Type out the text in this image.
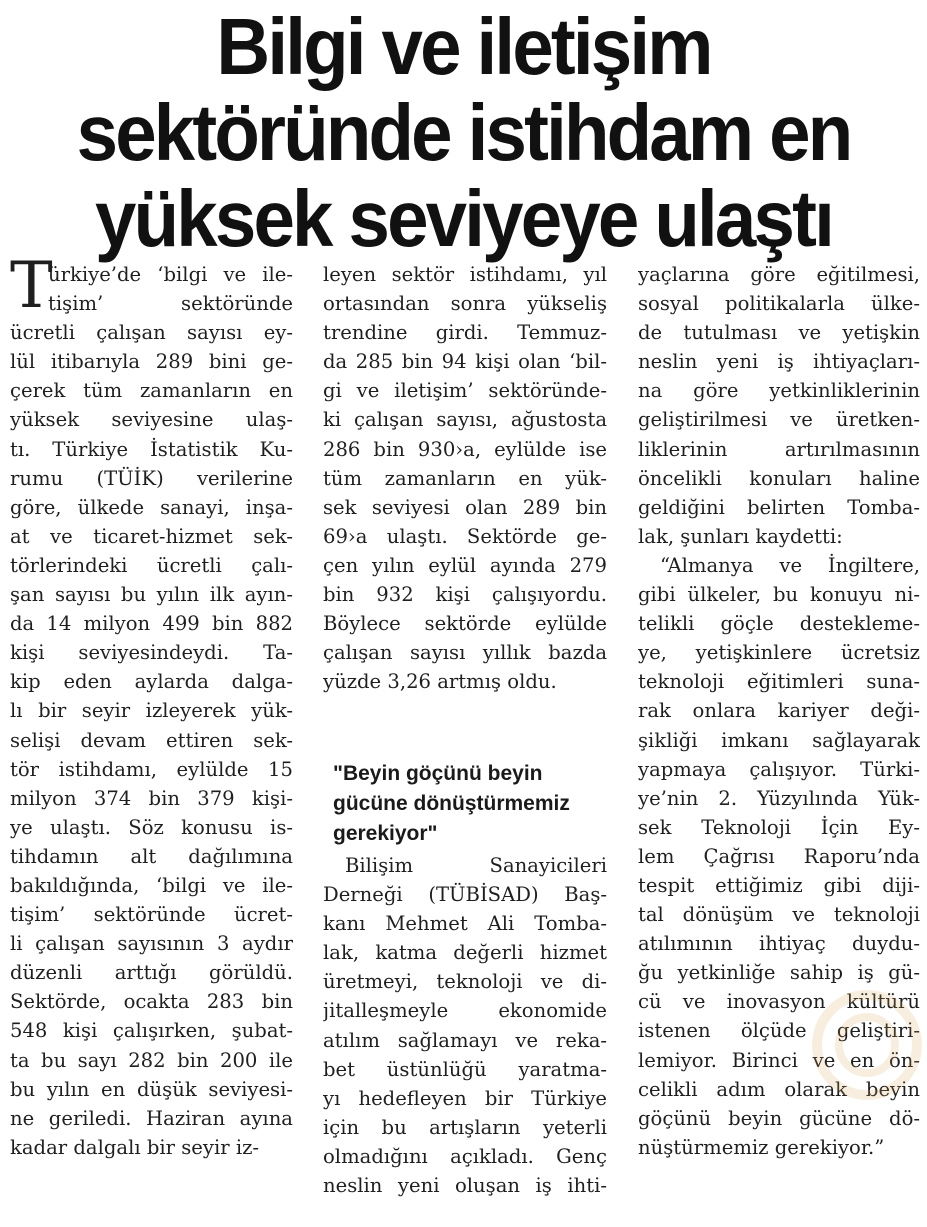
Bilgi ve iletişim
sektöründe istihdam en
yüksek seviyeye ulaştı
T
ürkiye’de ‘bilgi ve ile-
tişim’ sektöründe
ücretli çalışan sayısı ey-
lül itibarıyla 289 bini ge-
çerek tüm zamanların en
yüksek seviyesine ulaş-
tı. Türkiye İstatistik Ku-
rumu (TÜİK) verilerine
göre, ülkede sanayi, inşa-
at ve ticaret-hizmet sek-
törlerindeki ücretli çalı-
şan sayısı bu yılın ilk ayın-
da 14 milyon 499 bin 882
kişi seviyesindeydi. Ta-
kip eden aylarda dalga-
lı bir seyir izleyerek yük-
selişi devam ettiren sek-
tör istihdamı, eylülde 15
milyon 374 bin 379 kişi-
ye ulaştı. Söz konusu is-
tihdamın alt dağılımına
bakıldığında, ‘bilgi ve ile-
tişim’ sektöründe ücret-
li çalışan sayısının 3 aydır
düzenli arttığı görüldü.
Sektörde, ocakta 283 bin
548 kişi çalışırken, şubat-
ta bu sayı 282 bin 200 ile
bu yılın en düşük seviyesi-
ne geriledi. Haziran ayına
kadar dalgalı bir seyir iz-
leyen sektör istihdamı, yıl
ortasından sonra yükseliş
trendine girdi. Temmuz-
da 285 bin 94 kişi olan ‘bil-
gi ve iletişim’ sektöründe-
ki çalışan sayısı, ağustosta
286 bin 930›a, eylülde ise
tüm zamanların en yük-
sek seviyesi olan 289 bin
69›a ulaştı. Sektörde ge-
çen yılın eylül ayında 279
bin 932 kişi çalışıyordu.
Böylece sektörde eylülde
çalışan sayısı yıllık bazda
yüzde 3,26 artmış oldu.
"Beyin göçünü beyin
gücüne dönüştürmemiz
gerekiyor"
Bilişim Sanayicileri
Derneği (TÜBİSAD) Baş-
kanı Mehmet Ali Tomba-
lak, katma değerli hizmet
üretmeyi, teknoloji ve di-
jitalleşmeyle ekonomide
atılım sağlamayı ve reka-
bet üstünlüğü yaratma-
yı hedefleyen bir Türkiye
için bu artışların yeterli
olmadığını açıkladı. Genç
neslin yeni oluşan iş ihti-
yaçlarına göre eğitilmesi,
sosyal politikalarla ülke-
de tutulması ve yetişkin
neslin yeni iş ihtiyaçları-
na göre yetkinliklerinin
geliştirilmesi ve üretken-
liklerinin artırılmasının
öncelikli konuları haline
geldiğini belirten Tomba-
lak, şunları kaydetti:
“Almanya ve İngiltere,
gibi ülkeler, bu konuyu ni-
telikli göçle destekleme-
ye, yetişkinlere ücretsiz
teknoloji eğitimleri suna-
rak onlara kariyer deği-
şikliği imkanı sağlayarak
yapmaya çalışıyor. Türki-
ye’nin 2. Yüzyılında Yük-
sek Teknoloji İçin Ey-
lem Çağrısı Raporu’nda
tespit ettiğimiz gibi diji-
tal dönüşüm ve teknoloji
atılımının ihtiyaç duydu-
ğu yetkinliğe sahip iş gü-
cü ve inovasyon kültürü
istenen ölçüde geliştiri-
lemiyor. Birinci ve en ön-
celikli adım olarak beyin
göçünü beyin gücüne dö-
nüştürmemiz gerekiyor.”
